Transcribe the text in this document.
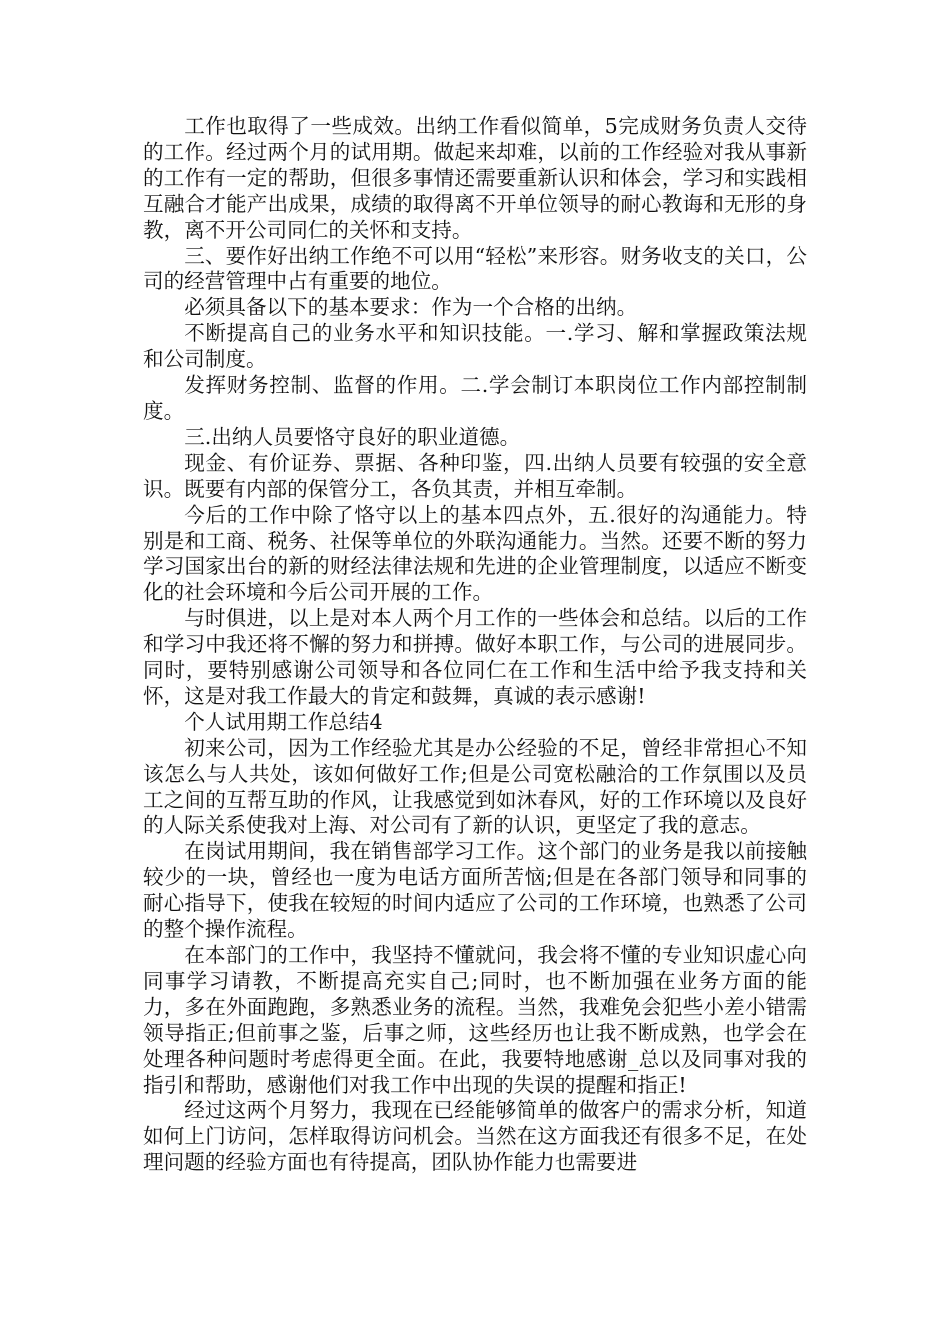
工作也取得了一些成效。出纳工作看似简单，5完成财务负责人交待的工作。经过两个月的试用期。做起来却难，以前的工作经验对我从事新的工作有一定的帮助，但很多事情还需要重新认识和体会，学习和实践相互融合才能产出成果，成绩的取得离不开单位领导的耐心教诲和无形的身教，离不开公司同仁的关怀和支持。

三、要作好出纳工作绝不可以用“轻松”来形容。财务收支的关口，公司的经营管理中占有重要的地位。

必须具备以下的基本要求：作为一个合格的出纳。

不断提高自己的业务水平和知识技能。一.学习、解和掌握政策法规和公司制度。

发挥财务控制、监督的作用。二.学会制订本职岗位工作内部控制制度。

三.出纳人员要恪守良好的职业道德。

现金、有价证券、票据、各种印鉴，四.出纳人员要有较强的安全意识。既要有内部的保管分工，各负其责，并相互牵制。

今后的工作中除了恪守以上的基本四点外，五.很好的沟通能力。特别是和工商、税务、社保等单位的外联沟通能力。当然。还要不断的努力学习国家出台的新的财经法律法规和先进的企业管理制度，以适应不断变化的社会环境和今后公司开展的工作。

与时俱进，以上是对本人两个月工作的一些体会和总结。以后的工作和学习中我还将不懈的努力和拼搏。做好本职工作，与公司的进展同步。同时，要特别感谢公司领导和各位同仁在工作和生活中给予我支持和关怀，这是对我工作最大的肯定和鼓舞，真诚的表示感谢!

个人试用期工作总结4

初来公司，因为工作经验尤其是办公经验的不足，曾经非常担心不知该怎么与人共处，该如何做好工作;但是公司宽松融洽的工作氛围以及员工之间的互帮互助的作风，让我感觉到如沐春风，好的工作环境以及良好的人际关系使我对上海、对公司有了新的认识，更坚定了我的意志。

在岗试用期间，我在销售部学习工作。这个部门的业务是我以前接触较少的一块，曾经也一度为电话方面所苦恼;但是在各部门领导和同事的耐心指导下，使我在较短的时间内适应了公司的工作环境，也熟悉了公司的整个操作流程。

在本部门的工作中，我坚持不懂就问，我会将不懂的专业知识虚心向同事学习请教，不断提高充实自己;同时，也不断加强在业务方面的能力，多在外面跑跑，多熟悉业务的流程。当然，我难免会犯些小差小错需领导指正;但前事之鉴，后事之师，这些经历也让我不断成熟，也学会在处理各种问题时考虑得更全面。在此，我要特地感谢_总以及同事对我的指引和帮助，感谢他们对我工作中出现的失误的提醒和指正!

经过这两个月努力，我现在已经能够简单的做客户的需求分析，知道如何上门访问，怎样取得访问机会。当然在这方面我还有很多不足，在处理问题的经验方面也有待提高，团队协作能力也需要进
